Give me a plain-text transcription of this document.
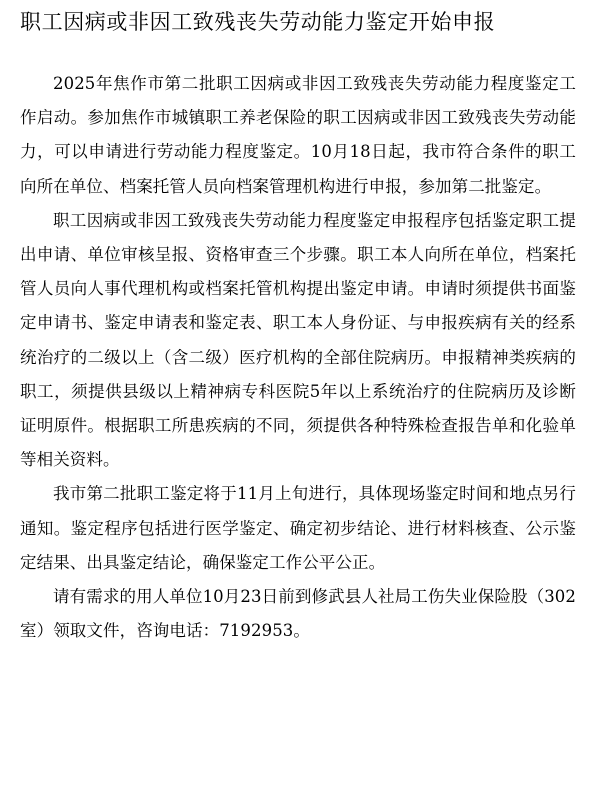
职工因病或非因工致残丧失劳动能力鉴定开始申报

2025年焦作市第二批职工因病或非因工致残丧失劳动能力程度鉴定工作启动。参加焦作市城镇职工养老保险的职工因病或非因工致残丧失劳动能力，可以申请进行劳动能力程度鉴定。10月18日起，我市符合条件的职工向所在单位、档案托管人员向档案管理机构进行申报，参加第二批鉴定。

职工因病或非因工致残丧失劳动能力程度鉴定申报程序包括鉴定职工提出申请、单位审核呈报、资格审查三个步骤。职工本人向所在单位，档案托管人员向人事代理机构或档案托管机构提出鉴定申请。申请时须提供书面鉴定申请书、鉴定申请表和鉴定表、职工本人身份证、与申报疾病有关的经系统治疗的二级以上（含二级）医疗机构的全部住院病历。申报精神类疾病的职工，须提供县级以上精神病专科医院5年以上系统治疗的住院病历及诊断证明原件。根据职工所患疾病的不同，须提供各种特殊检查报告单和化验单等相关资料。

我市第二批职工鉴定将于11月上旬进行，具体现场鉴定时间和地点另行通知。鉴定程序包括进行医学鉴定、确定初步结论、进行材料核查、公示鉴定结果、出具鉴定结论，确保鉴定工作公平公正。

请有需求的用人单位10月23日前到修武县人社局工伤失业保险股（302室）领取文件，咨询电话：7192953。
